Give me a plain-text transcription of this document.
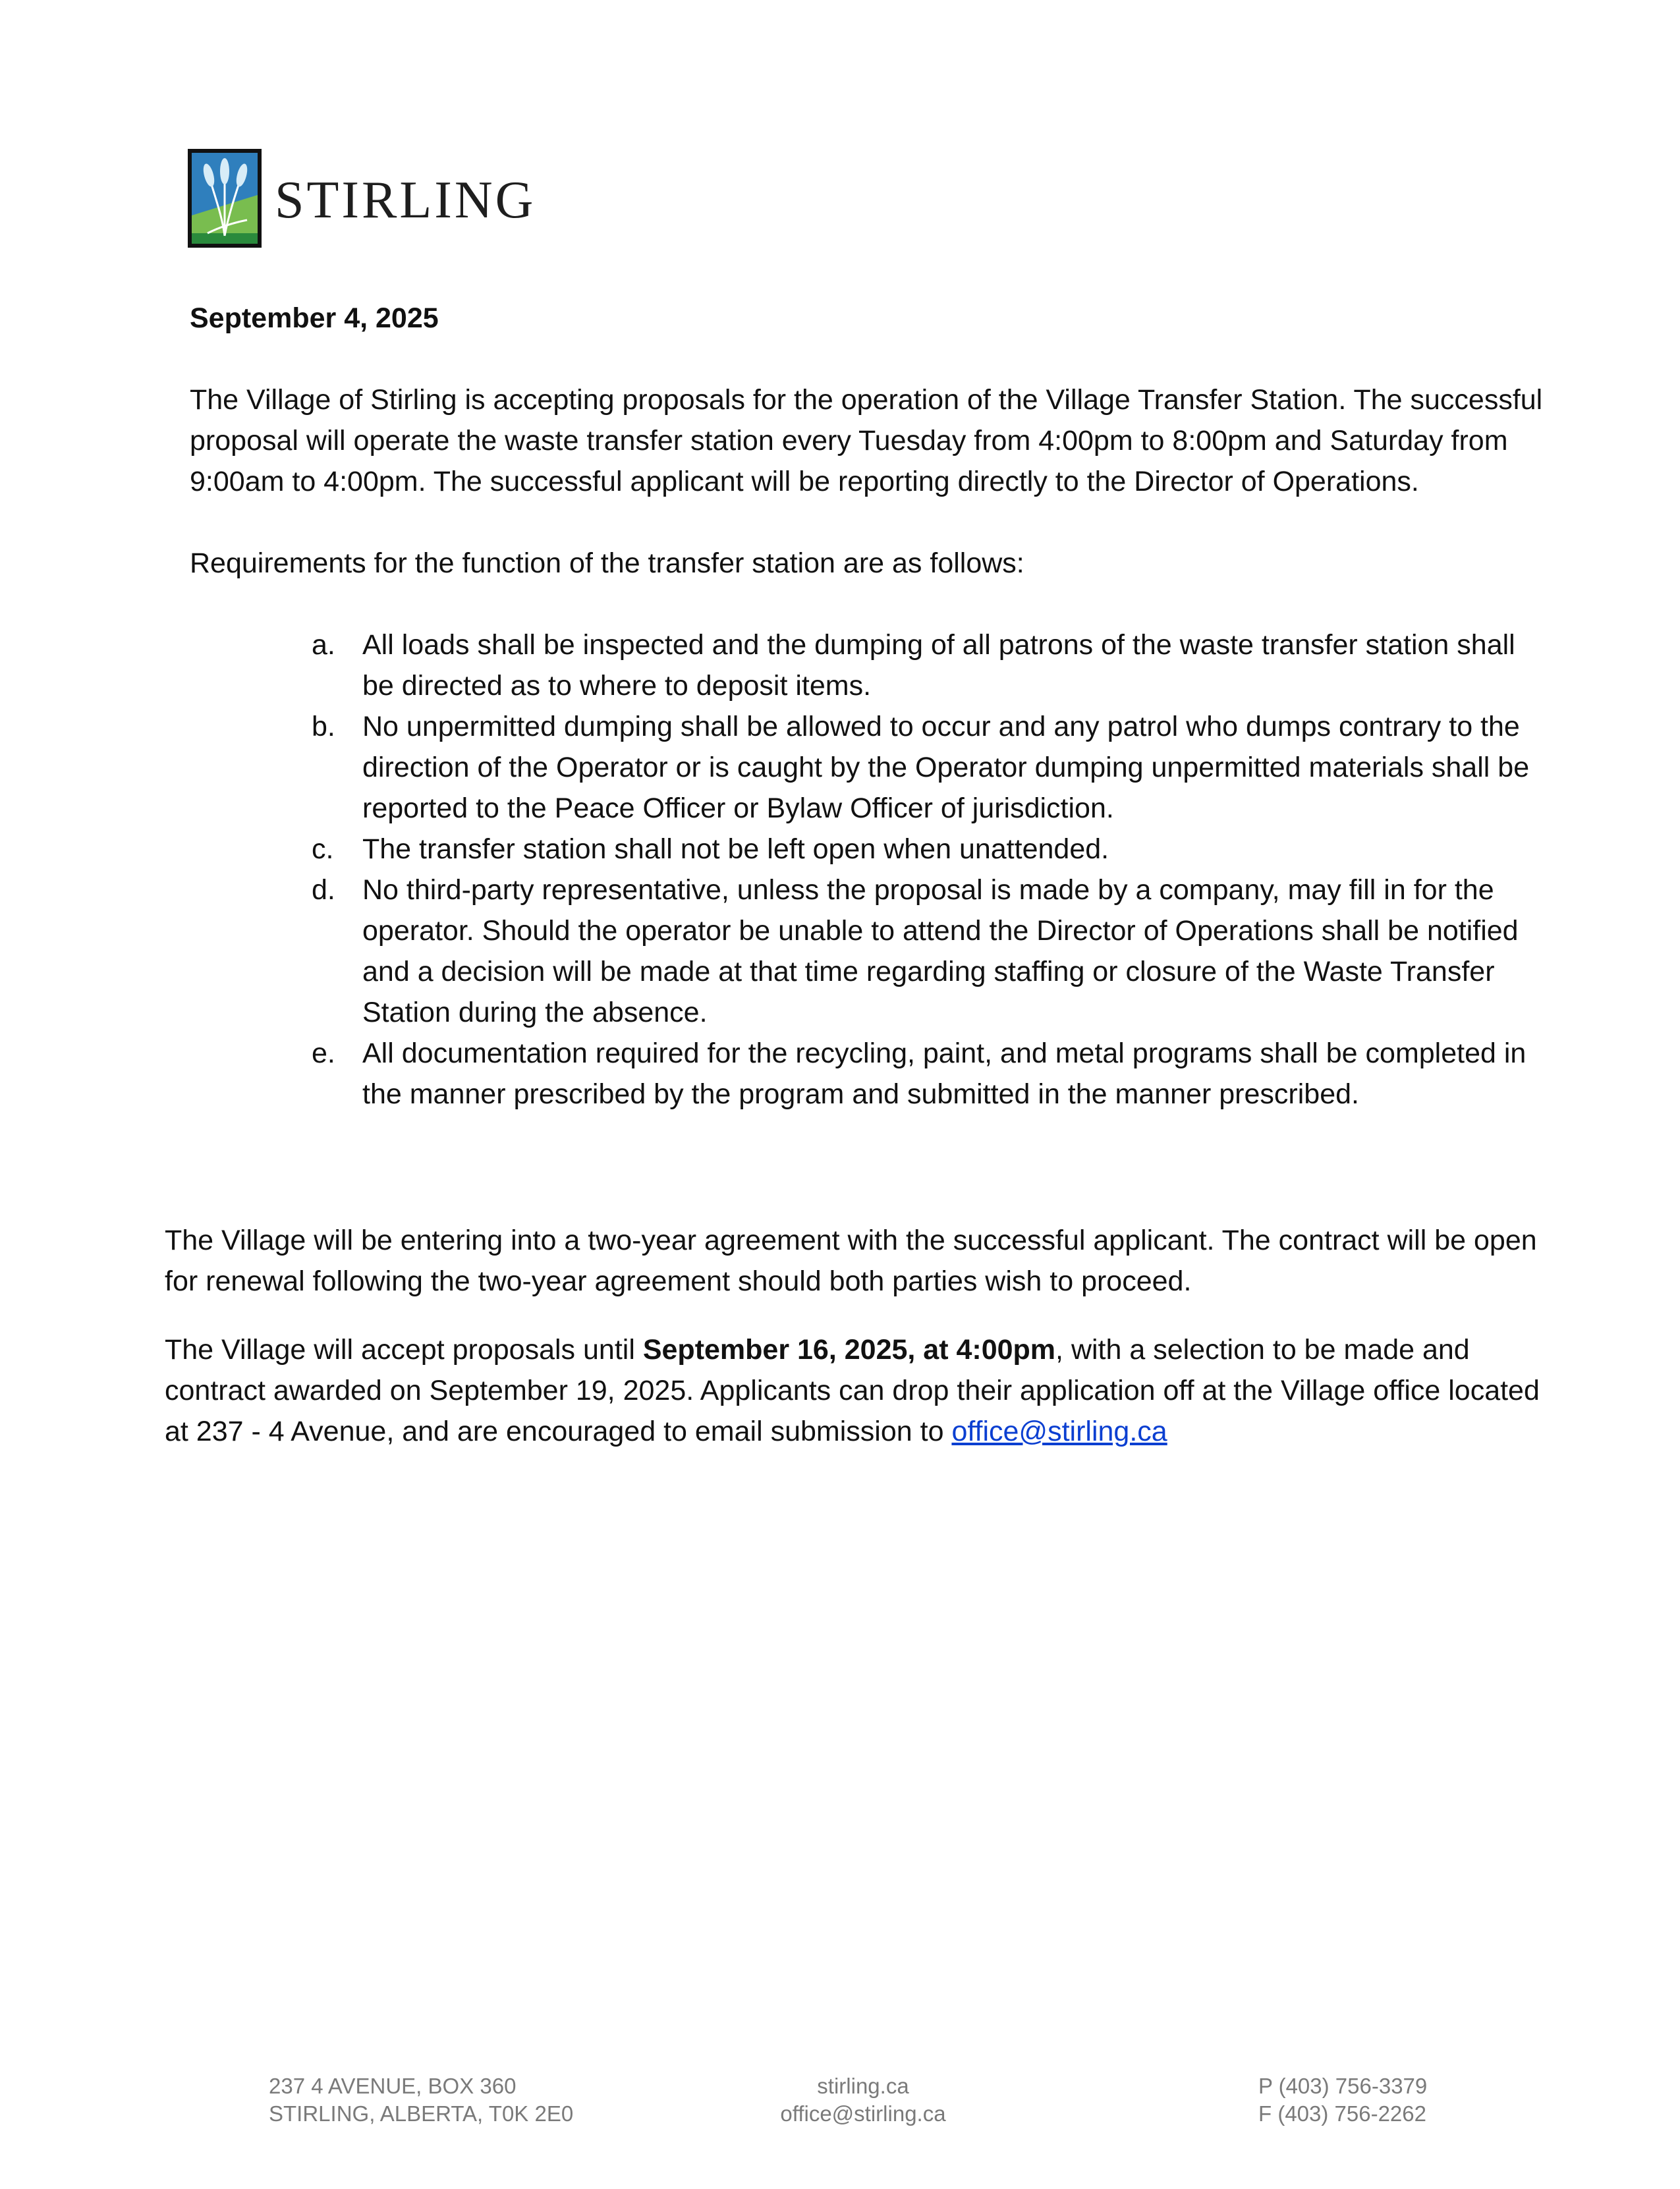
STIRLING

September 4, 2025

The Village of Stirling is accepting proposals for the operation of the Village Transfer Station. The successful proposal will operate the waste transfer station every Tuesday from 4:00pm to 8:00pm and Saturday from 9:00am to 4:00pm. The successful applicant will be reporting directly to the Director of Operations.

Requirements for the function of the transfer station are as follows:

a. All loads shall be inspected and the dumping of all patrons of the waste transfer station shall be directed as to where to deposit items.
b. No unpermitted dumping shall be allowed to occur and any patrol who dumps contrary to the direction of the Operator or is caught by the Operator dumping unpermitted materials shall be reported to the Peace Officer or Bylaw Officer of jurisdiction.
c. The transfer station shall not be left open when unattended.
d. No third-party representative, unless the proposal is made by a company, may fill in for the operator. Should the operator be unable to attend the Director of Operations shall be notified and a decision will be made at that time regarding staffing or closure of the Waste Transfer Station during the absence.
e. All documentation required for the recycling, paint, and metal programs shall be completed in the manner prescribed by the program and submitted in the manner prescribed.

The Village will be entering into a two-year agreement with the successful applicant. The contract will be open for renewal following the two-year agreement should both parties wish to proceed.

The Village will accept proposals until September 16, 2025, at 4:00pm, with a selection to be made and contract awarded on September 19, 2025. Applicants can drop their application off at the Village office located at 237 - 4 Avenue, and are encouraged to email submission to office@stirling.ca

237 4 AVENUE, BOX 360
STIRLING, ALBERTA, T0K 2E0
stirling.ca
office@stirling.ca
P (403) 756-3379
F (403) 756-2262
